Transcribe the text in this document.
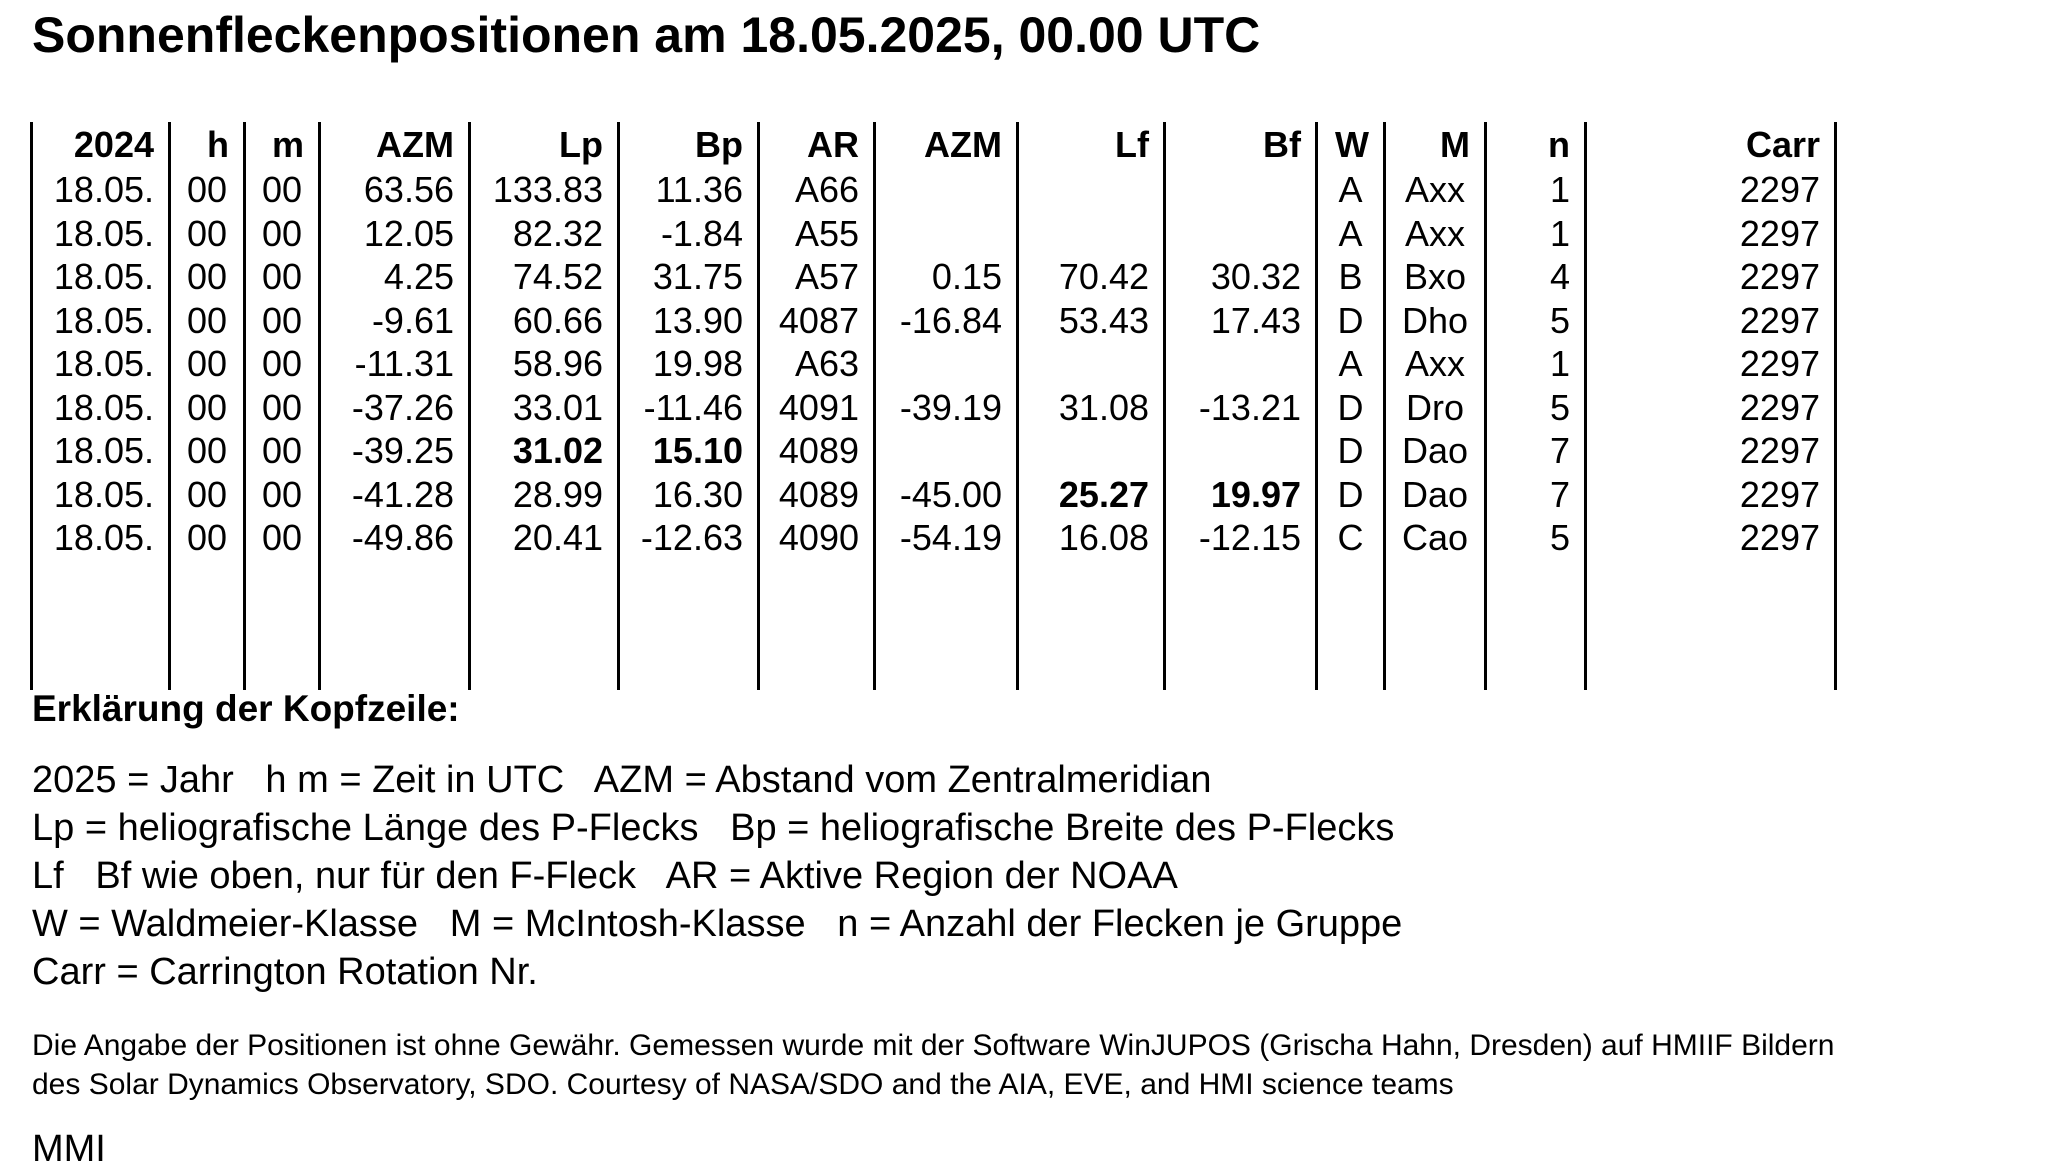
Sonnenfleckenpositionen am 18.05.2025, 00.00 UTC
2024	h	m	AZM	Lp	Bp	AR	AZM	Lf	Bf	W	M	n	Carr
18.05.	00	00	63.56	133.83	11.36	A66				A	Axx	1	2297
18.05.	00	00	12.05	82.32	-1.84	A55				A	Axx	1	2297
18.05.	00	00	4.25	74.52	31.75	A57	0.15	70.42	30.32	B	Bxo	4	2297
18.05.	00	00	-9.61	60.66	13.90	4087	-16.84	53.43	17.43	D	Dho	5	2297
18.05.	00	00	-11.31	58.96	19.98	A63				A	Axx	1	2297
18.05.	00	00	-37.26	33.01	-11.46	4091	-39.19	31.08	-13.21	D	Dro	5	2297
18.05.	00	00	-39.25	31.02	15.10	4089				D	Dao	7	2297
18.05.	00	00	-41.28	28.99	16.30	4089	-45.00	25.27	19.97	D	Dao	7	2297
18.05.	00	00	-49.86	20.41	-12.63	4090	-54.19	16.08	-12.15	C	Cao	5	2297

Erklärung der Kopfzeile:
2025 = Jahr   h m = Zeit in UTC   AZM = Abstand vom Zentralmeridian
Lp = heliografische Länge des P-Flecks   Bp = heliografische Breite des P-Flecks
Lf   Bf wie oben, nur für den F-Fleck   AR = Aktive Region der NOAA
W = Waldmeier-Klasse   M = McIntosh-Klasse   n = Anzahl der Flecken je Gruppe
Carr = Carrington Rotation Nr.
Die Angabe der Positionen ist ohne Gewähr. Gemessen wurde mit der Software WinJUPOS (Grischa Hahn, Dresden) auf HMIIF Bildern
des Solar Dynamics Observatory, SDO. Courtesy of NASA/SDO and the AIA, EVE, and HMI science teams
MMI
